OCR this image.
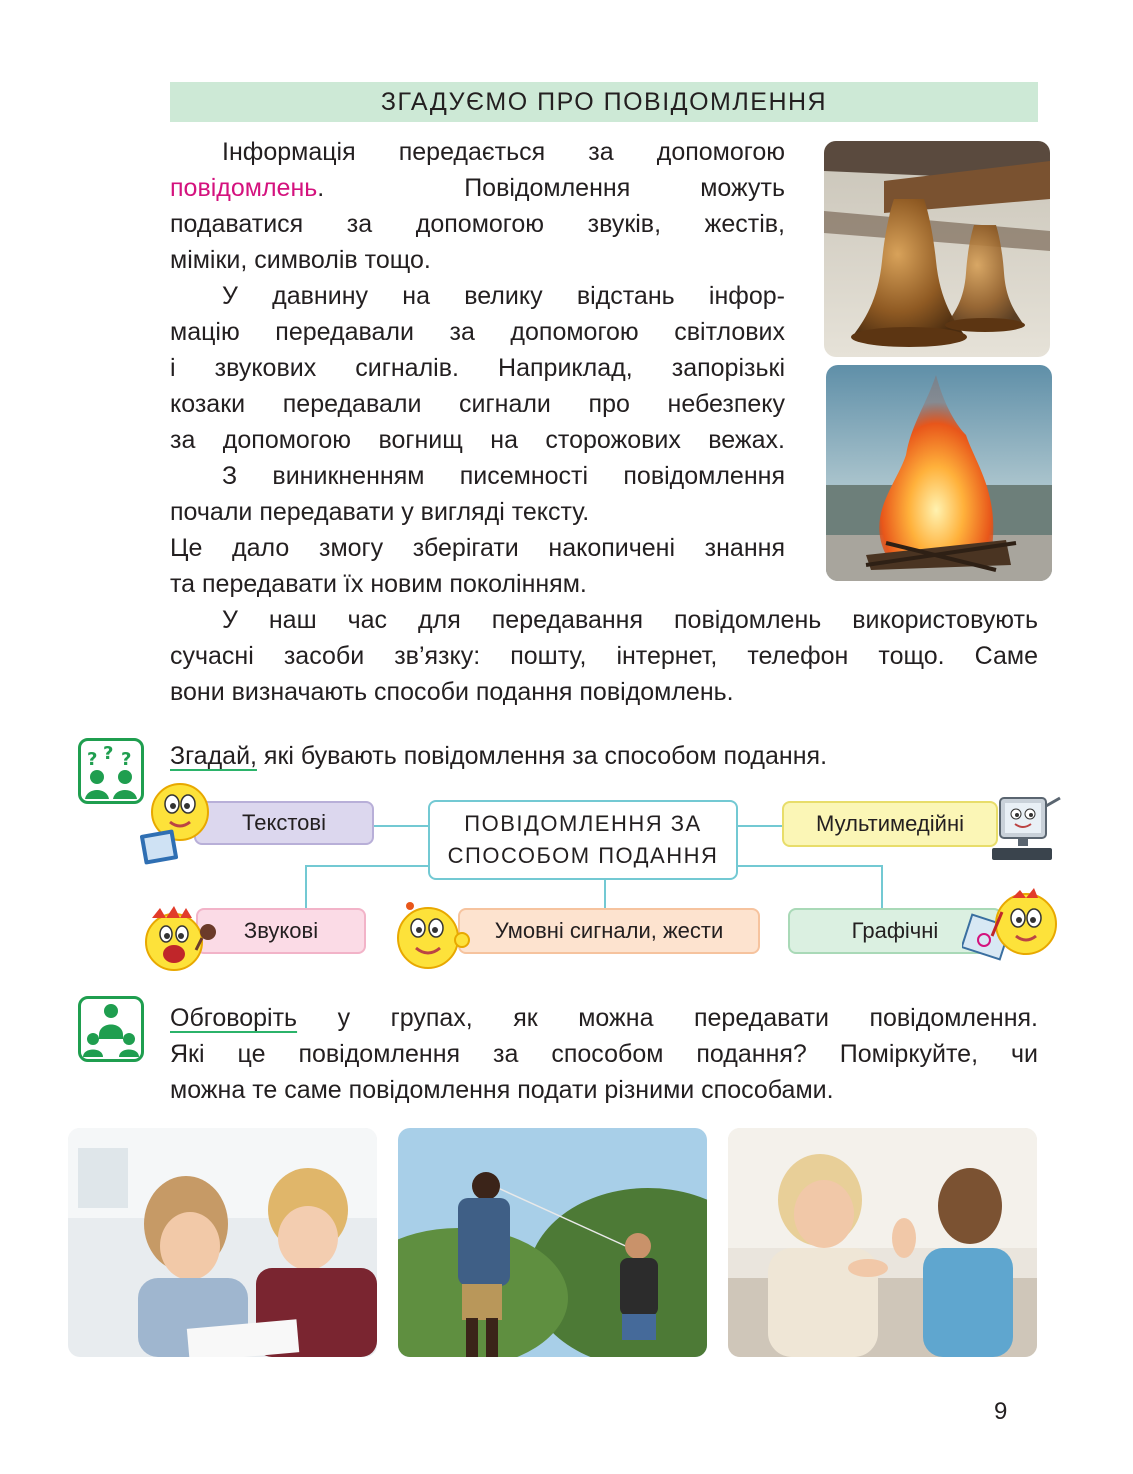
ЗГАДУЄМО ПРО ПОВІДОМЛЕННЯ

Інформація передається за допомогою

повідомлень.	Повідомлення можуть

подаватися за допомогою звуків, жестів,

міміки, символів тощо.

У давнину на велику відстань інфор-

мацію передавали за допомогою світлових

і звукових сигналів. Наприклад, запорізькі

козаки передавали сигнали про небезпеку

за допомогою вогнищ на сторожових вежах.

З виникненням писемності повідомлення

почали передавати у вигляді тексту.

Це дало змогу зберігати накопичені знання

та передавати їх новим поколінням.

У наш час для передавання повідомлень використовують

сучасні засоби зв’язку: пошту, інтернет, телефон тощо. Саме

вони визначають способи подання повідомлень.

? ? ? Згадай, які бувають повідомлення за способом подання.
ПОВІДОМЛЕННЯ ЗА
СПОСОБОМ ПОДАННЯ
Текстові	Мультимедійні
Звукові	Умовні сигнали, жести	Графічні

Обговоріть у групах, як можна передавати повідомлення.

Які це повідомлення за способом подання? Поміркуйте, чи

можна те саме повідомлення подати різними способами.

9
